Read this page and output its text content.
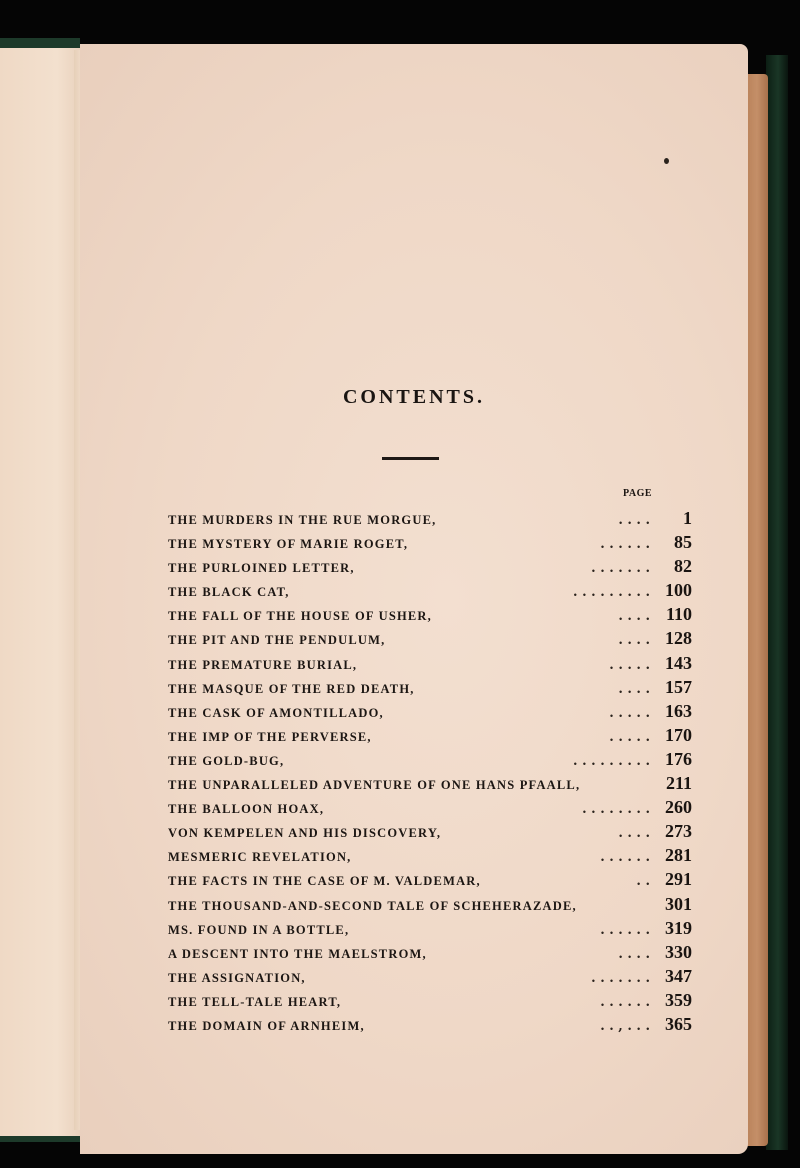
CONTENTS.
PAGE
THE MURDERS IN THE RUE MORGUE,	. . . .	1
THE MYSTERY OF MARIE ROGET,	. . . . . .	85
THE PURLOINED LETTER,	. . . . . . .	82
THE BLACK CAT,	. . . . . . . . . 100
THE FALL OF THE HOUSE OF USHER,	. . . . 110
THE PIT AND THE PENDULUM,	. . . . 128
THE PREMATURE BURIAL,	. . . . . 143
THE MASQUE OF THE RED DEATH,	. . . . 157
THE CASK OF AMONTILLADO,	. . . . . 163
THE IMP OF THE PERVERSE,	. . . . . 170
THE GOLD-BUG,	. . . . . . . . . 176
THE UNPARALLELED ADVENTURE OF ONE HANS PFAALL,	211
THE BALLOON HOAX,	. . . . . . . . 260
VON KEMPELEN AND HIS DISCOVERY,	. . . . 273
MESMERIC REVELATION,	. . . . . . 281
THE FACTS IN THE CASE OF M. VALDEMAR,	. . 291
THE THOUSAND-AND-SECOND TALE OF SCHEHERAZADE,	301
MS. FOUND IN A BOTTLE,	. . . . . . 319
A DESCENT INTO THE MAELSTROM,	. . . . 330
THE ASSIGNATION,	. . . . . . . 347
THE TELL-TALE HEART,	. . . . . . 359
THE DOMAIN OF ARNHEIM,	. . , . . . 365
